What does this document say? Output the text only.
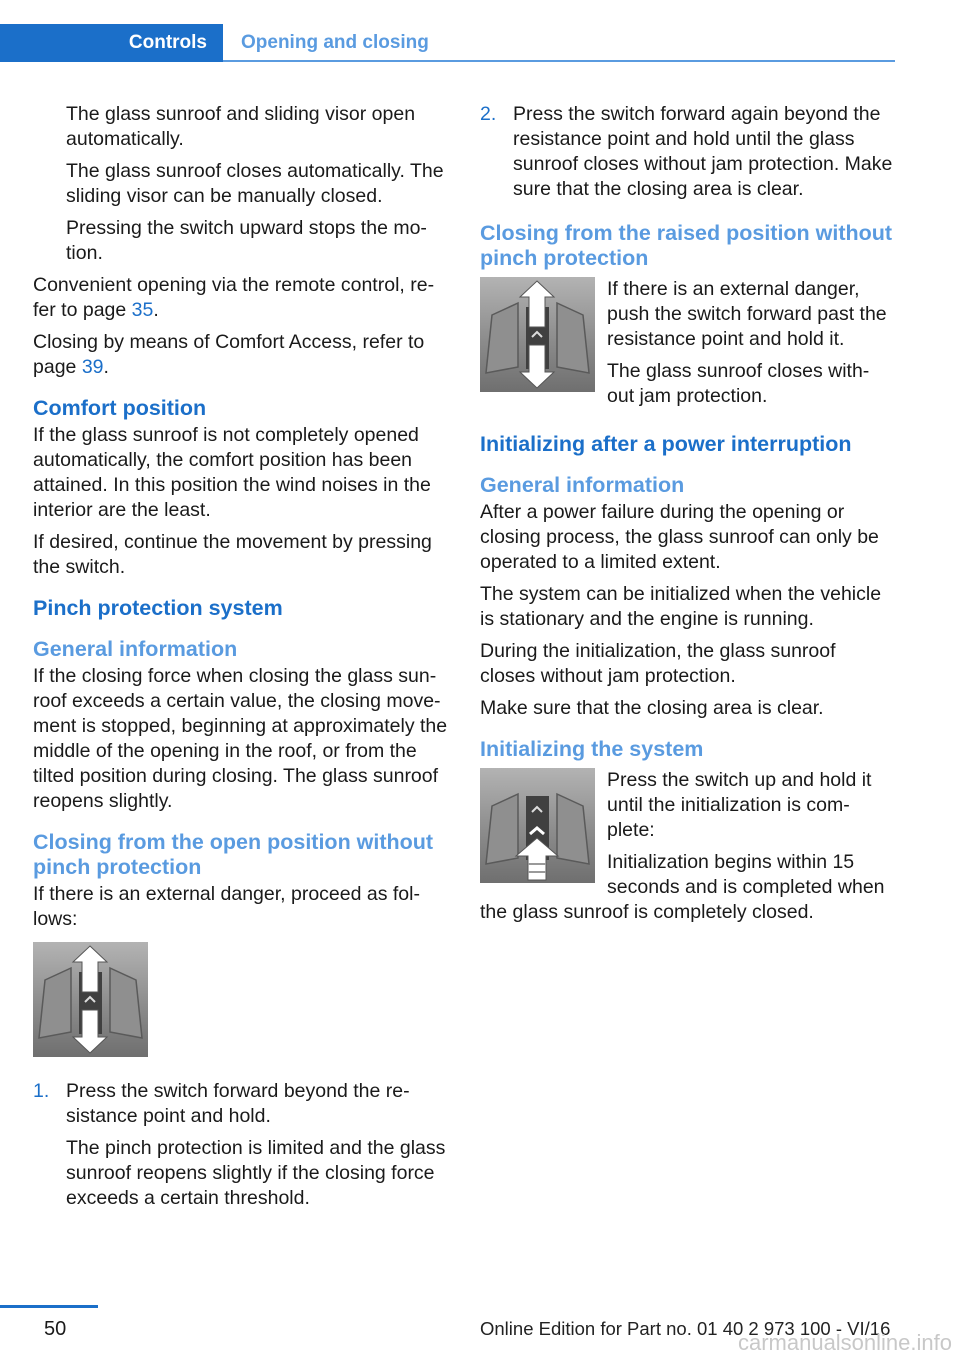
Controls Opening and closing

The glass sunroof and sliding visor open automatically.

The glass sunroof closes automatically. The sliding visor can be manually closed.

Pressing the switch upward stops the mo‐tion.

Convenient opening via the remote control, re‐fer to page 35.

Closing by means of Comfort Access, refer to page 39.

Comfort position

If the glass sunroof is not completely opened automatically, the comfort position has been attained. In this position the wind noises in the interior are the least.

If desired, continue the movement by pressing the switch.

Pinch protection system
General information

If the closing force when closing the glass sun‐roof exceeds a certain value, the closing move‐ment is stopped, beginning at approximately the middle of the opening in the roof, or from the tilted position during closing. The glass sunroof reopens slightly.

Closing from the open position without pinch protection

If there is an external danger, proceed as fol‐lows:

1. Press the switch forward beyond the re‐sistance point and hold.

The pinch protection is limited and the glass sunroof reopens slightly if the closing force exceeds a certain threshold.

2. Press the switch forward again beyond the resistance point and hold until the glass sunroof closes without jam protection. Make sure that the closing area is clear.

Closing from the raised position without pinch protection

If there is an external danger, push the switch forward past the resistance point and hold it.

The glass sunroof closes with‐out jam protection.

Initializing after a power interruption
General information

After a power failure during the opening or closing process, the glass sunroof can only be operated to a limited extent.

The system can be initialized when the vehicle is stationary and the engine is running.

During the initialization, the glass sunroof closes without jam protection.

Make sure that the closing area is clear.

Initializing the system

Press the switch up and hold it until the initialization is com‐plete:

Initialization begins within 15 seconds and is completed when the glass sunroof is completely closed.

50	Online Edition for Part no. 01 40 2 973 100 - VI/16
carmanualsonline.info
